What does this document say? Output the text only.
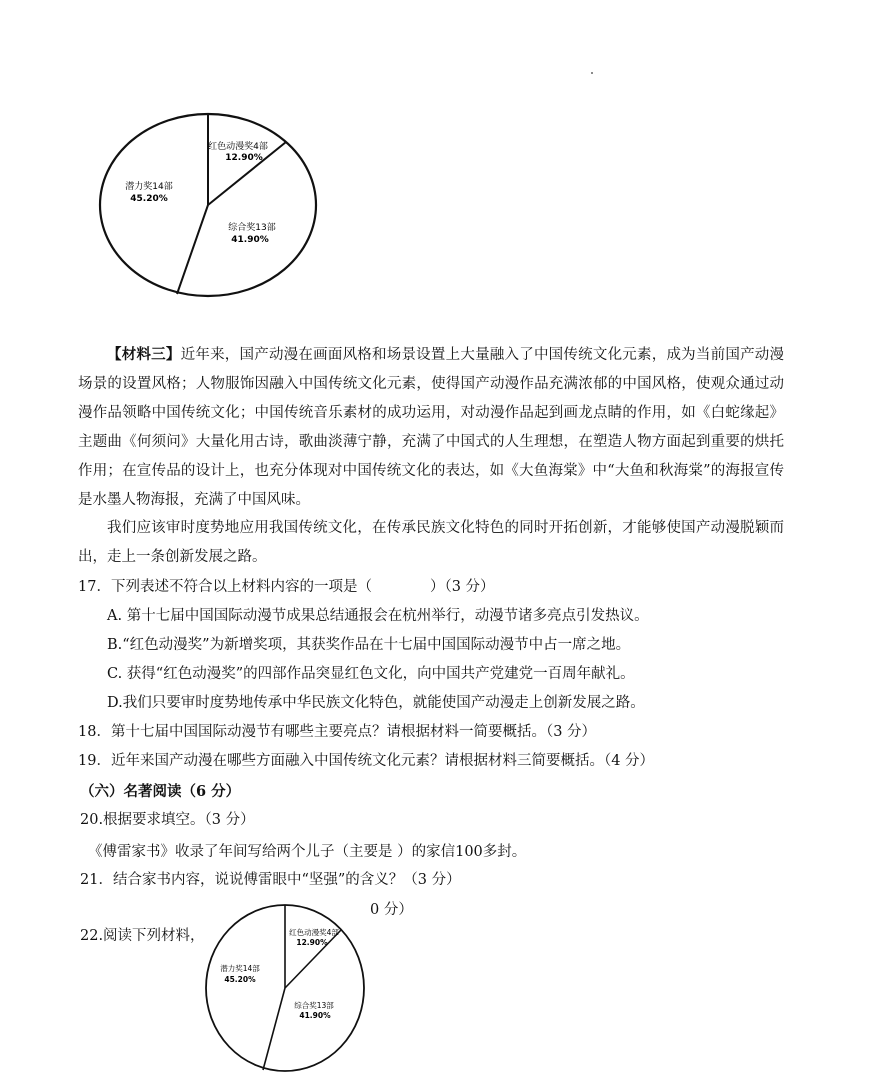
红色动漫奖4部
12.90%
综合奖13部
41.90%
潜力奖14部
45.20%
【材料三】近年来，国产动漫在画面风格和场景设置上大量融入了中国传统文化元素，成为当前国产动漫场景的设置风格；人物服饰因融入中国传统文化元素，使得国产动漫作品充满浓郁的中国风格，使观众通过动漫作品领略中国传统文化；中国传统音乐素材的成功运用，对动漫作品起到画龙点睛的作用，如《白蛇缘起》主题曲《何须问》大量化用古诗，歌曲淡薄宁静，充满了中国式的人生理想，在塑造人物方面起到重要的烘托作用；在宣传品的设计上，也充分体现对中国传统文化的表达，如《大鱼海棠》中“大鱼和秋海棠”的海报宣传是水墨人物海报，充满了中国风味。
我们应该审时度势地应用我国传统文化，在传承民族文化特色的同时开拓创新，才能够使国产动漫脱颖而出，走上一条创新发展之路。
17．下列表述不符合以上材料内容的一项是（　　　　）（3 分）
A. 第十七届中国国际动漫节成果总结通报会在杭州举行，动漫节诸多亮点引发热议。
B.“红色动漫奖”为新增奖项，其获奖作品在十七届中国国际动漫节中占一席之地。
C. 获得“红色动漫奖”的四部作品突显红色文化，向中国共产党建党一百周年献礼。
D.我们只要审时度势地传承中华民族文化特色，就能使国产动漫走上创新发展之路。
18．第十七届中国国际动漫节有哪些主要亮点？请根据材料一简要概括。（3 分）
19．近年来国产动漫在哪些方面融入中国传统文化元素？请根据材料三简要概括。（4 分）
（六）名著阅读（6 分）
20.根据要求填空。（3 分）
《傅雷家书》收录了年间写给两个儿子（主要是 ）的家信100多封。
21．结合家书内容，说说傅雷眼中“坚强”的含义？（3 分）
0 分）
22.阅读下列材料，	红色动漫奖4部
12.90%
综合奖13部
41.90%
潜力奖14部
45.20%
